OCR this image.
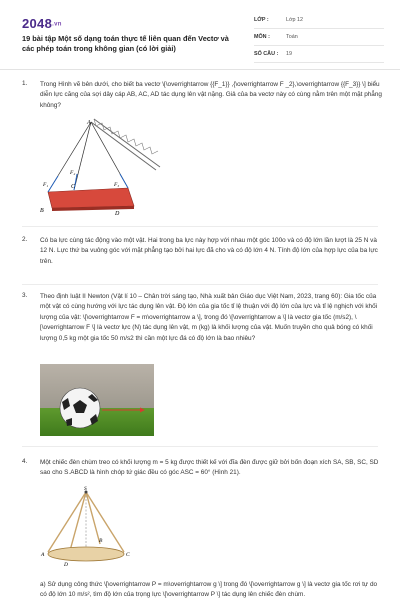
2048.vn
19 bài tập Một số dạng toán thực tế liên quan đến Vectơ và các phép toán trong không gian (có lời giải)
LỚP :	Lớp 12
MÔN :	Toán
SỐ CÂU : 19
1. Trong Hình vẽ bên dưới, cho biết ba vectơ \[\overrightarrow {{F_1}} ,{\overrightarrow F _2},\overrightarrow {{F_3}} \] biểu diễn lực căng của sợi dây cáp AB, AC, AD tác dụng lên vật nặng. Giả của ba vectơ này có cùng nằm trên một mặt phẳng không?
A
B
C
D
F₁
F₂
F₃
2. Có ba lực cùng tác động vào một vật. Hai trong ba lực này hợp với nhau một góc 100o và có độ lớn lần lượt là 25 N và 12 N. Lực thứ ba vuông góc với mặt phẳng tạo bởi hai lực đã cho và có độ lớn 4 N. Tính độ lớn của hợp lực của ba lực trên.
3. Theo định luật II Newton (Vật lí 10 – Chân trời sáng tạo, Nhà xuất bản Giáo dục Việt Nam, 2023, trang 60): Gia tốc của một vật có cùng hướng với lực tác dụng lên vật. Độ lớn của gia tốc tỉ lệ thuận với độ lớn của lực và tỉ lệ nghịch với khối lượng của vật: \[\overrightarrow F = m\overrightarrow a \], trong đó \[\overrightarrow a \] là vectơ gia tốc (m/s2), \[\overrightarrow F \] là vectơ lực (N) tác dụng lên vật, m (kg) là khối lượng của vật. Muốn truyền cho quả bóng có khối lượng 0,5 kg một gia tốc 50 m/s2 thì cần một lực đá có độ lớn là bao nhiêu?
4. Một chiếc đèn chùm treo có khối lượng m = 5 kg được thiết kế với đĩa đèn được giữ bởi bốn đoạn xích SA, SB, SC, SD sao cho S.ABCD là hình chóp tứ giác đều có góc ASC = 60° (Hình 21).
S
A
B
C
D
a) Sử dụng công thức \[\overrightarrow P = m\overrightarrow g \] trong đó \[\overrightarrow g \] là vectơ gia tốc rơi tự do có độ lớn 10 m/s², tìm độ lớn của trọng lực \[\overrightarrow P \] tác dụng lên chiếc đèn chùm.
